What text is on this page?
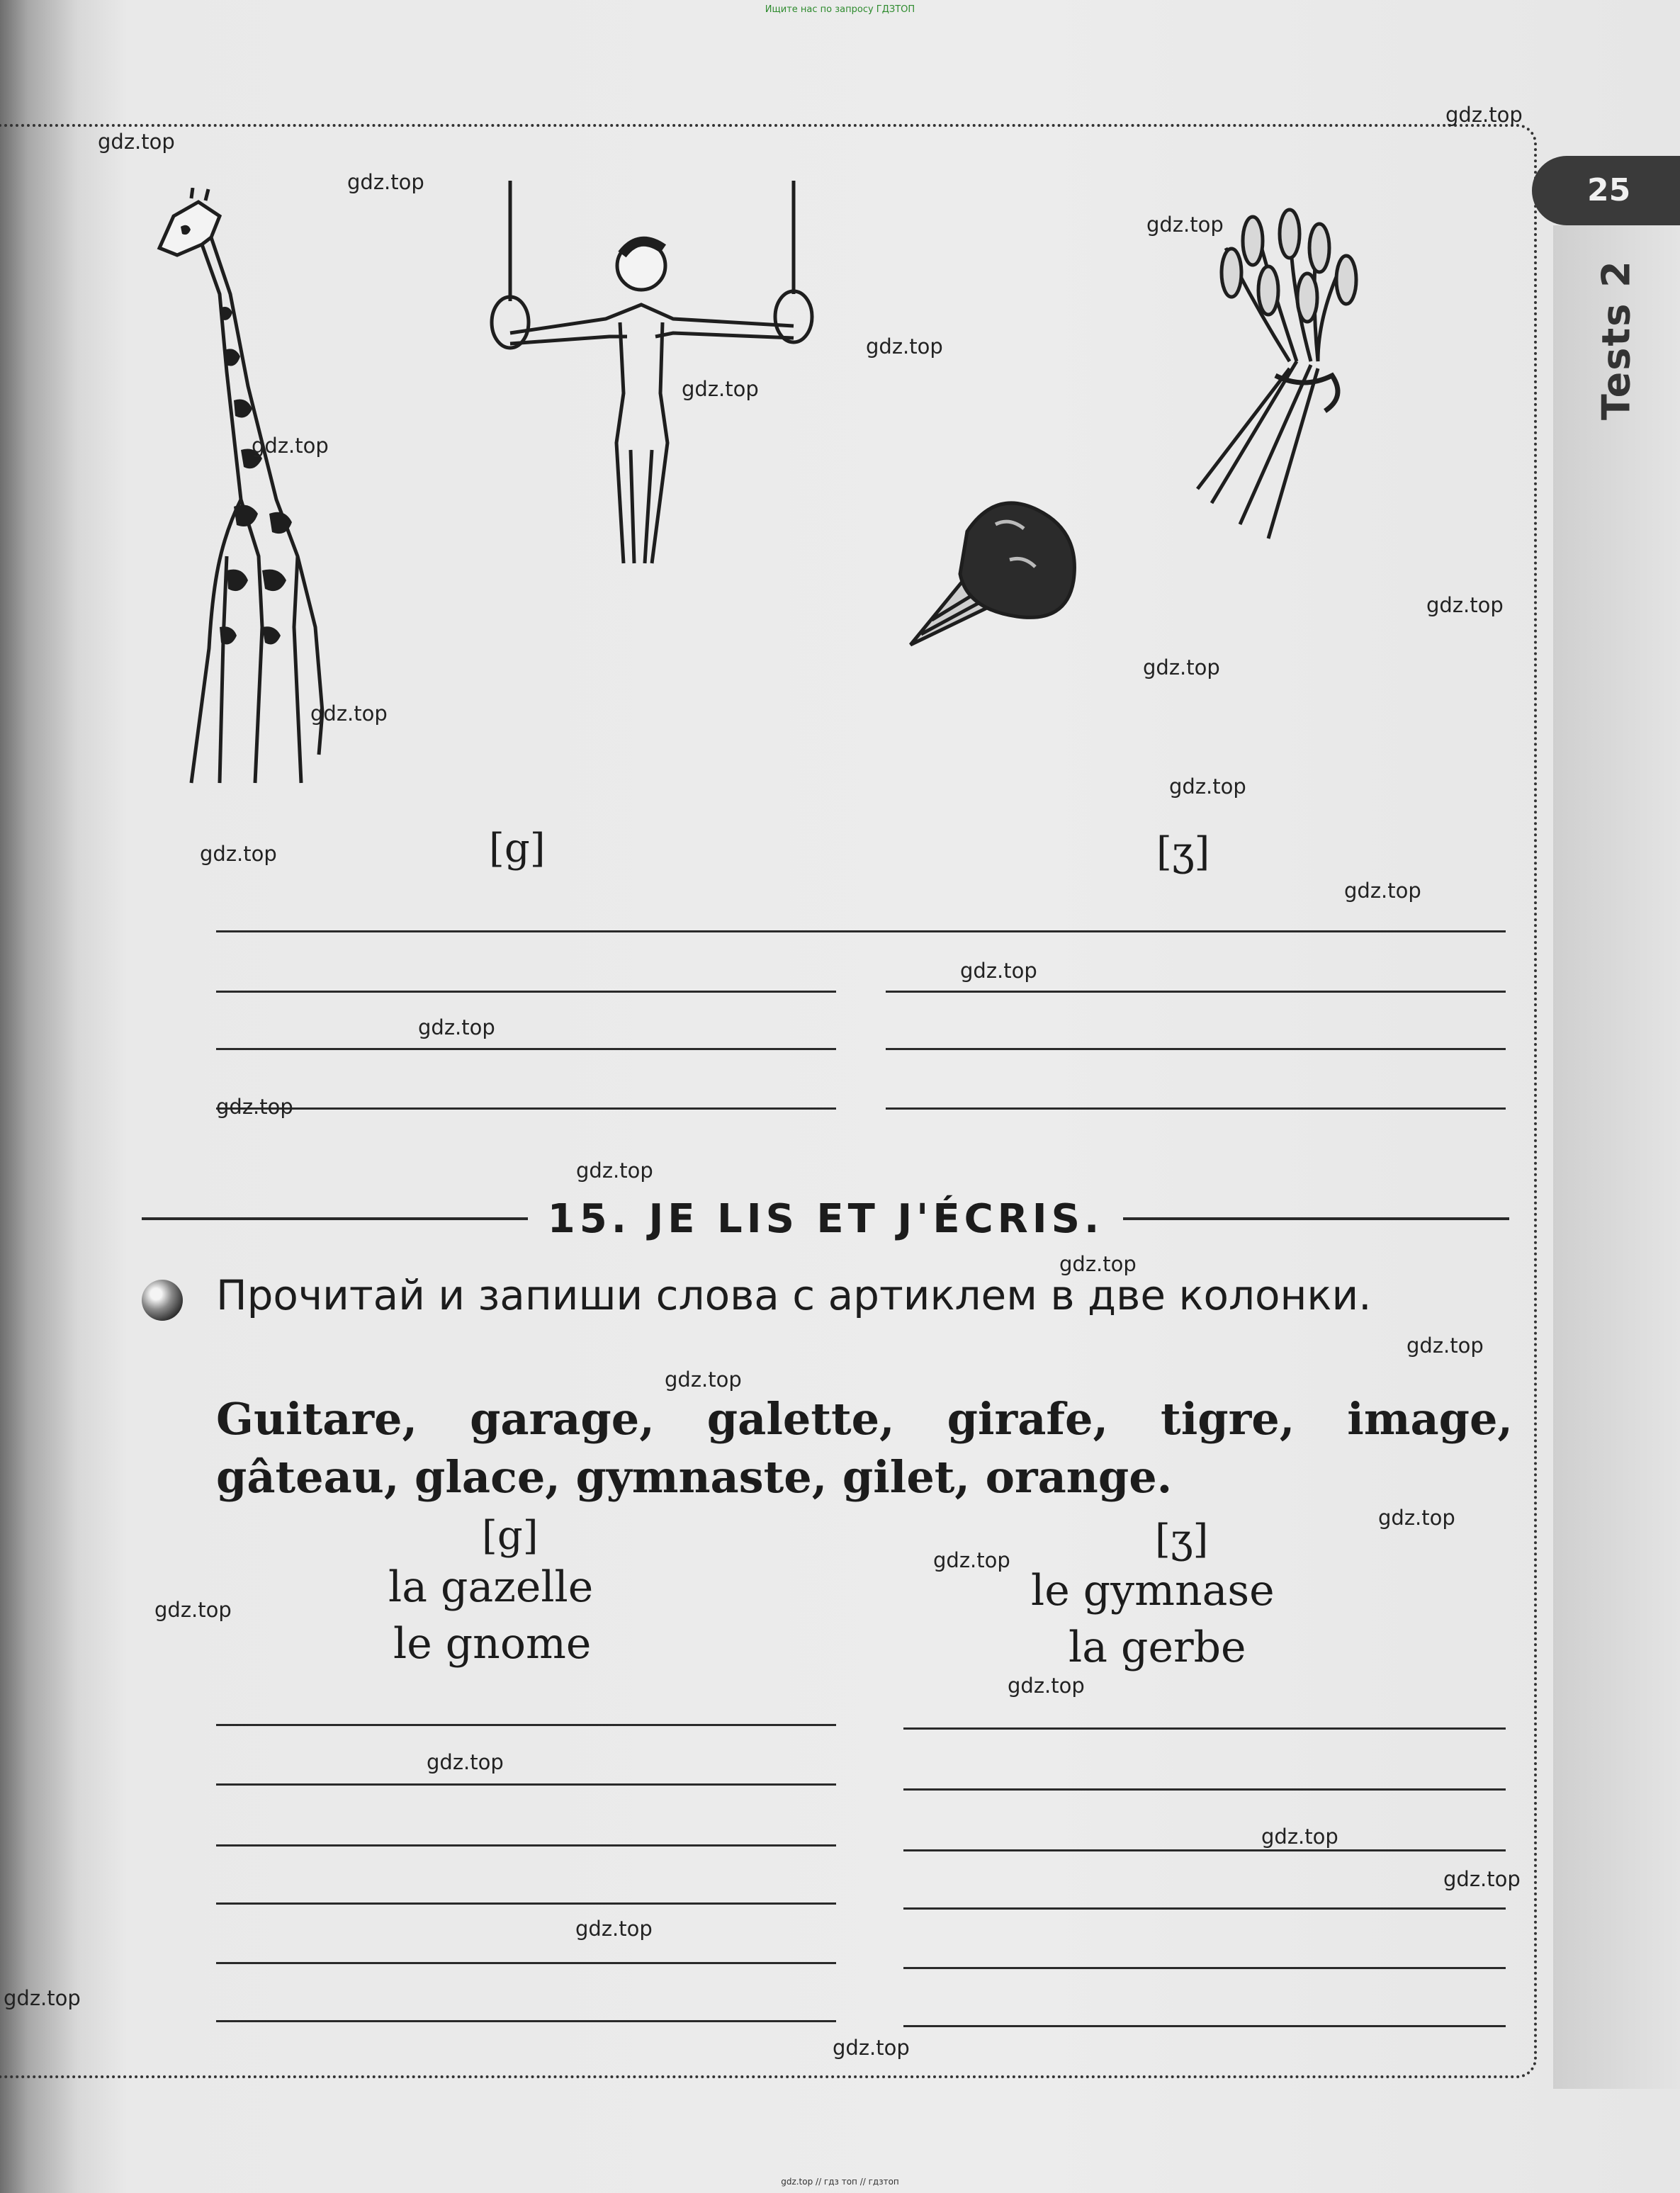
Ищите нас по запросу ГДЗТОП
25
Tests 2
[g]	[ʒ]
15. JE LIS ET J'ÉCRIS.
Прочитай и запиши слова с артиклем в две колонки.
Guitare, garage, galette, girafe, tigre, image, gâteau, glace, gymnaste, gilet, orange.
[g]	[ʒ]
la gazelle
le gnome
le gymnase
la gerbe
gdz.top
gdz.top
gdz.top
gdz.top
gdz.top
gdz.top
gdz.top
gdz.top
gdz.top
gdz.top
gdz.top
gdz.top
gdz.top
gdz.top
gdz.top
gdz.top
gdz.top
gdz.top
gdz.top
gdz.top
gdz.top
gdz.top
gdz.top
gdz.top
gdz.top
gdz.top
gdz.top
gdz.top
gdz.top
gdz.top
gdz.top // гдз топ // гдзтоп
